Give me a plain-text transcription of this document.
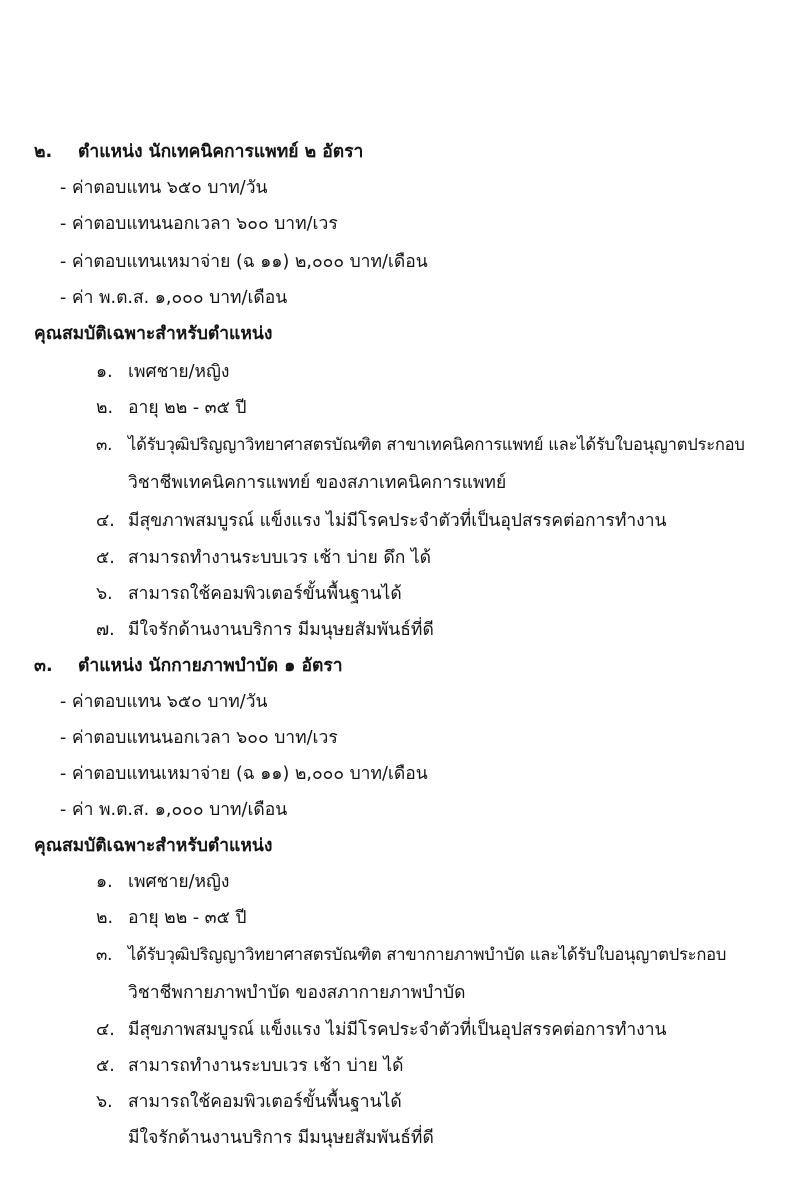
๒. ตำแหน่ง นักเทคนิคการแพทย์ ๒ อัตรา
- ค่าตอบแทน ๖๕๐ บาท/วัน
- ค่าตอบแทนนอกเวลา ๖๐๐ บาท/เวร
- ค่าตอบแทนเหมาจ่าย (ฉ ๑๑) ๒,๐๐๐ บาท/เดือน
- ค่า พ.ต.ส. ๑,๐๐๐ บาท/เดือน
คุณสมบัติเฉพาะสำหรับตำแหน่ง
๑. เพศชาย/หญิง
๒. อายุ ๒๒ - ๓๕ ปี
๓. ได้รับวุฒิปริญญาวิทยาศาสตรบัณฑิต สาขาเทคนิคการแพทย์ และได้รับใบอนุญาตประกอบ
วิชาชีพเทคนิคการแพทย์ ของสภาเทคนิคการแพทย์
๔. มีสุขภาพสมบูรณ์ แข็งแรง ไม่มีโรคประจำตัวที่เป็นอุปสรรคต่อการทำงาน
๕. สามารถทำงานระบบเวร เช้า บ่าย ดึก ได้
๖. สามารถใช้คอมพิวเตอร์ขั้นพื้นฐานได้
๗. มีใจรักด้านงานบริการ มีมนุษยสัมพันธ์ที่ดี
๓. ตำแหน่ง นักกายภาพบำบัด ๑ อัตรา
- ค่าตอบแทน ๖๕๐ บาท/วัน
- ค่าตอบแทนนอกเวลา ๖๐๐ บาท/เวร
- ค่าตอบแทนเหมาจ่าย (ฉ ๑๑) ๒,๐๐๐ บาท/เดือน
- ค่า พ.ต.ส. ๑,๐๐๐ บาท/เดือน
คุณสมบัติเฉพาะสำหรับตำแหน่ง
๑. เพศชาย/หญิง
๒. อายุ ๒๒ - ๓๕ ปี
๓. ได้รับวุฒิปริญญาวิทยาศาสตรบัณฑิต สาขากายภาพบำบัด และได้รับใบอนุญาตประกอบ
วิชาชีพกายภาพบำบัด ของสภากายภาพบำบัด
๔. มีสุขภาพสมบูรณ์ แข็งแรง ไม่มีโรคประจำตัวที่เป็นอุปสรรคต่อการทำงาน
๕. สามารถทำงานระบบเวร เช้า บ่าย ได้
๖. สามารถใช้คอมพิวเตอร์ขั้นพื้นฐานได้
มีใจรักด้านงานบริการ มีมนุษยสัมพันธ์ที่ดี
